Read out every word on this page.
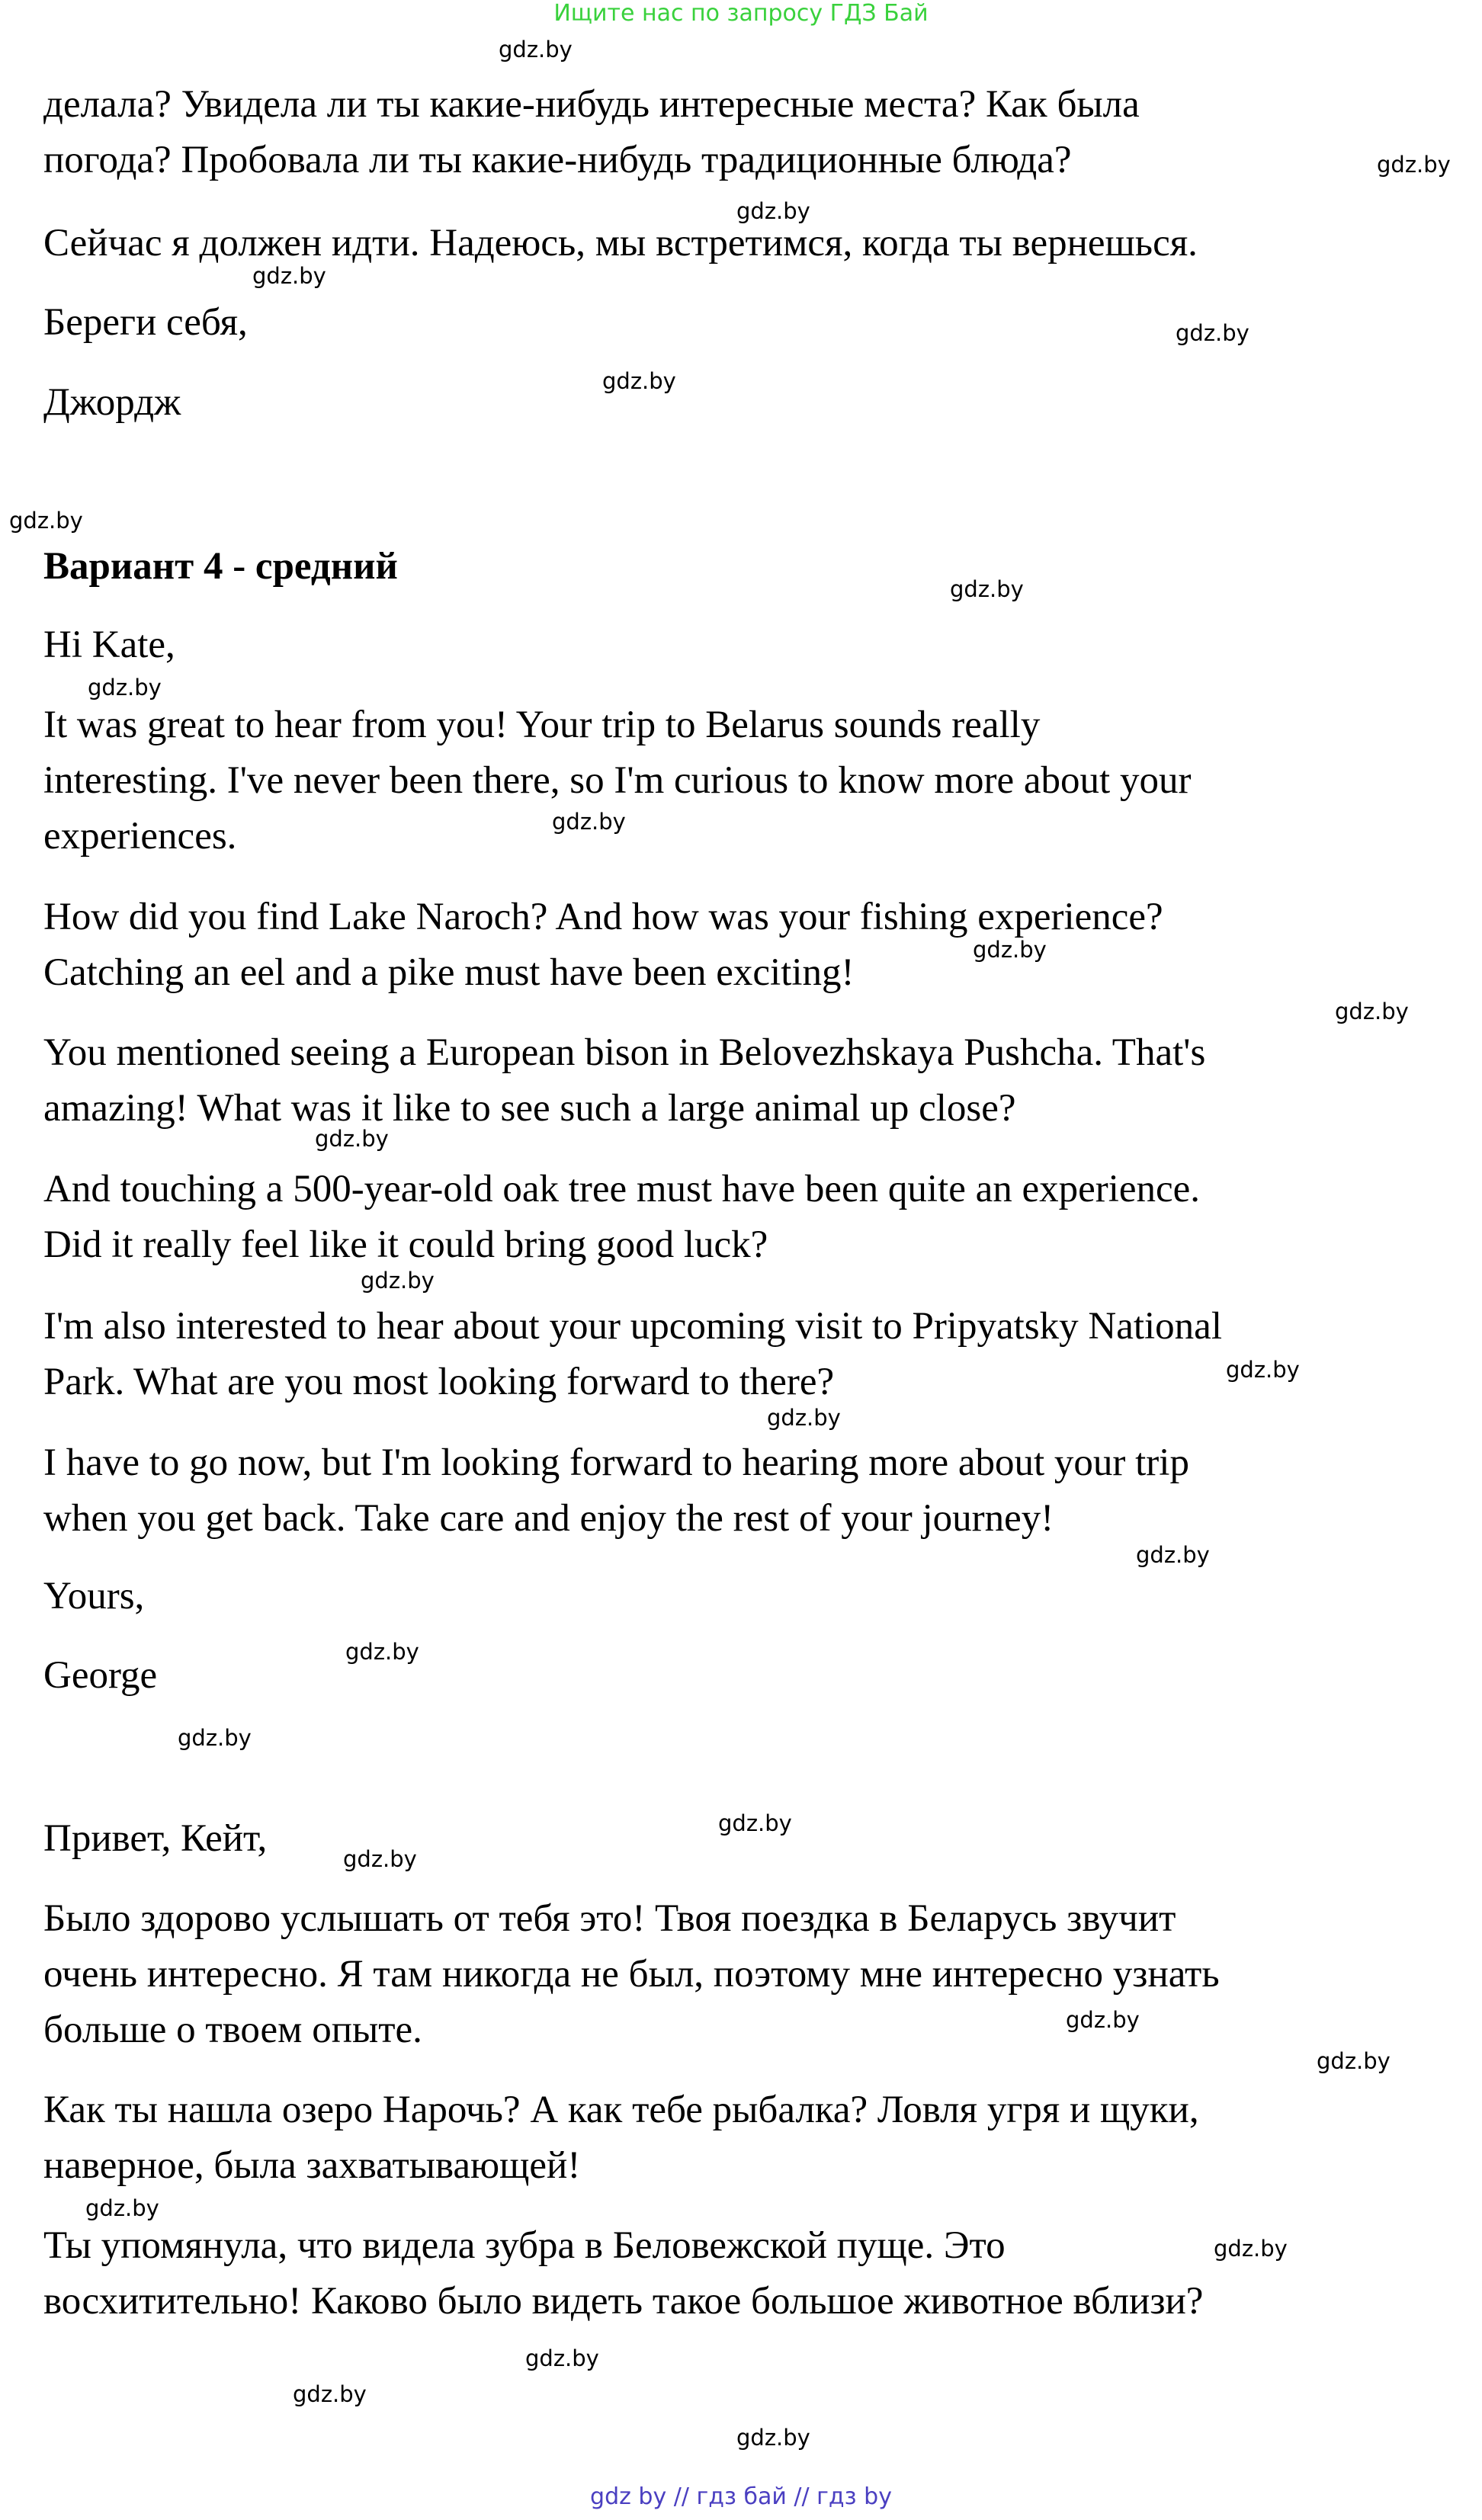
Ищите нас по запросу ГДЗ Бай

делала? Увидела ли ты какие-нибудь интересные места? Как была
погода? Пробовала ли ты какие-нибудь традиционные блюда?

Сейчас я должен идти. Надеюсь, мы встретимся, когда ты вернешься.

Береги себя,

Джордж

Вариант 4 - средний

Hi Kate,

It was great to hear from you! Your trip to Belarus sounds really
interesting. I've never been there, so I'm curious to know more about your
experiences.

How did you find Lake Naroch? And how was your fishing experience?
Catching an eel and a pike must have been exciting!

You mentioned seeing a European bison in Belovezhskaya Pushcha. That's
amazing! What was it like to see such a large animal up close?

And touching a 500-year-old oak tree must have been quite an experience.
Did it really feel like it could bring good luck?

I'm also interested to hear about your upcoming visit to Pripyatsky National
Park. What are you most looking forward to there?

I have to go now, but I'm looking forward to hearing more about your trip
when you get back. Take care and enjoy the rest of your journey!

Yours,

George

Привет, Кейт,

Было здорово услышать от тебя это! Твоя поездка в Беларусь звучит
очень интересно. Я там никогда не был, поэтому мне интересно узнать
больше о твоем опыте.

Как ты нашла озеро Нарочь? А как тебе рыбалка? Ловля угря и щуки,
наверное, была захватывающей!

Ты упомянула, что видела зубра в Беловежской пуще. Это
восхитительно! Каково было видеть такое большое животное вблизи?

gdz.by
gdz.by
gdz.by
gdz.by
gdz.by
gdz.by
gdz.by
gdz.by
gdz.by
gdz.by
gdz.by
gdz.by
gdz.by
gdz.by
gdz.by
gdz.by
gdz.by
gdz.by
gdz.by
gdz.by
gdz.by
gdz.by
gdz.by
gdz.by
gdz.by
gdz.by
gdz.by
gdz.by
gdz by // гдз бай // гдз by
